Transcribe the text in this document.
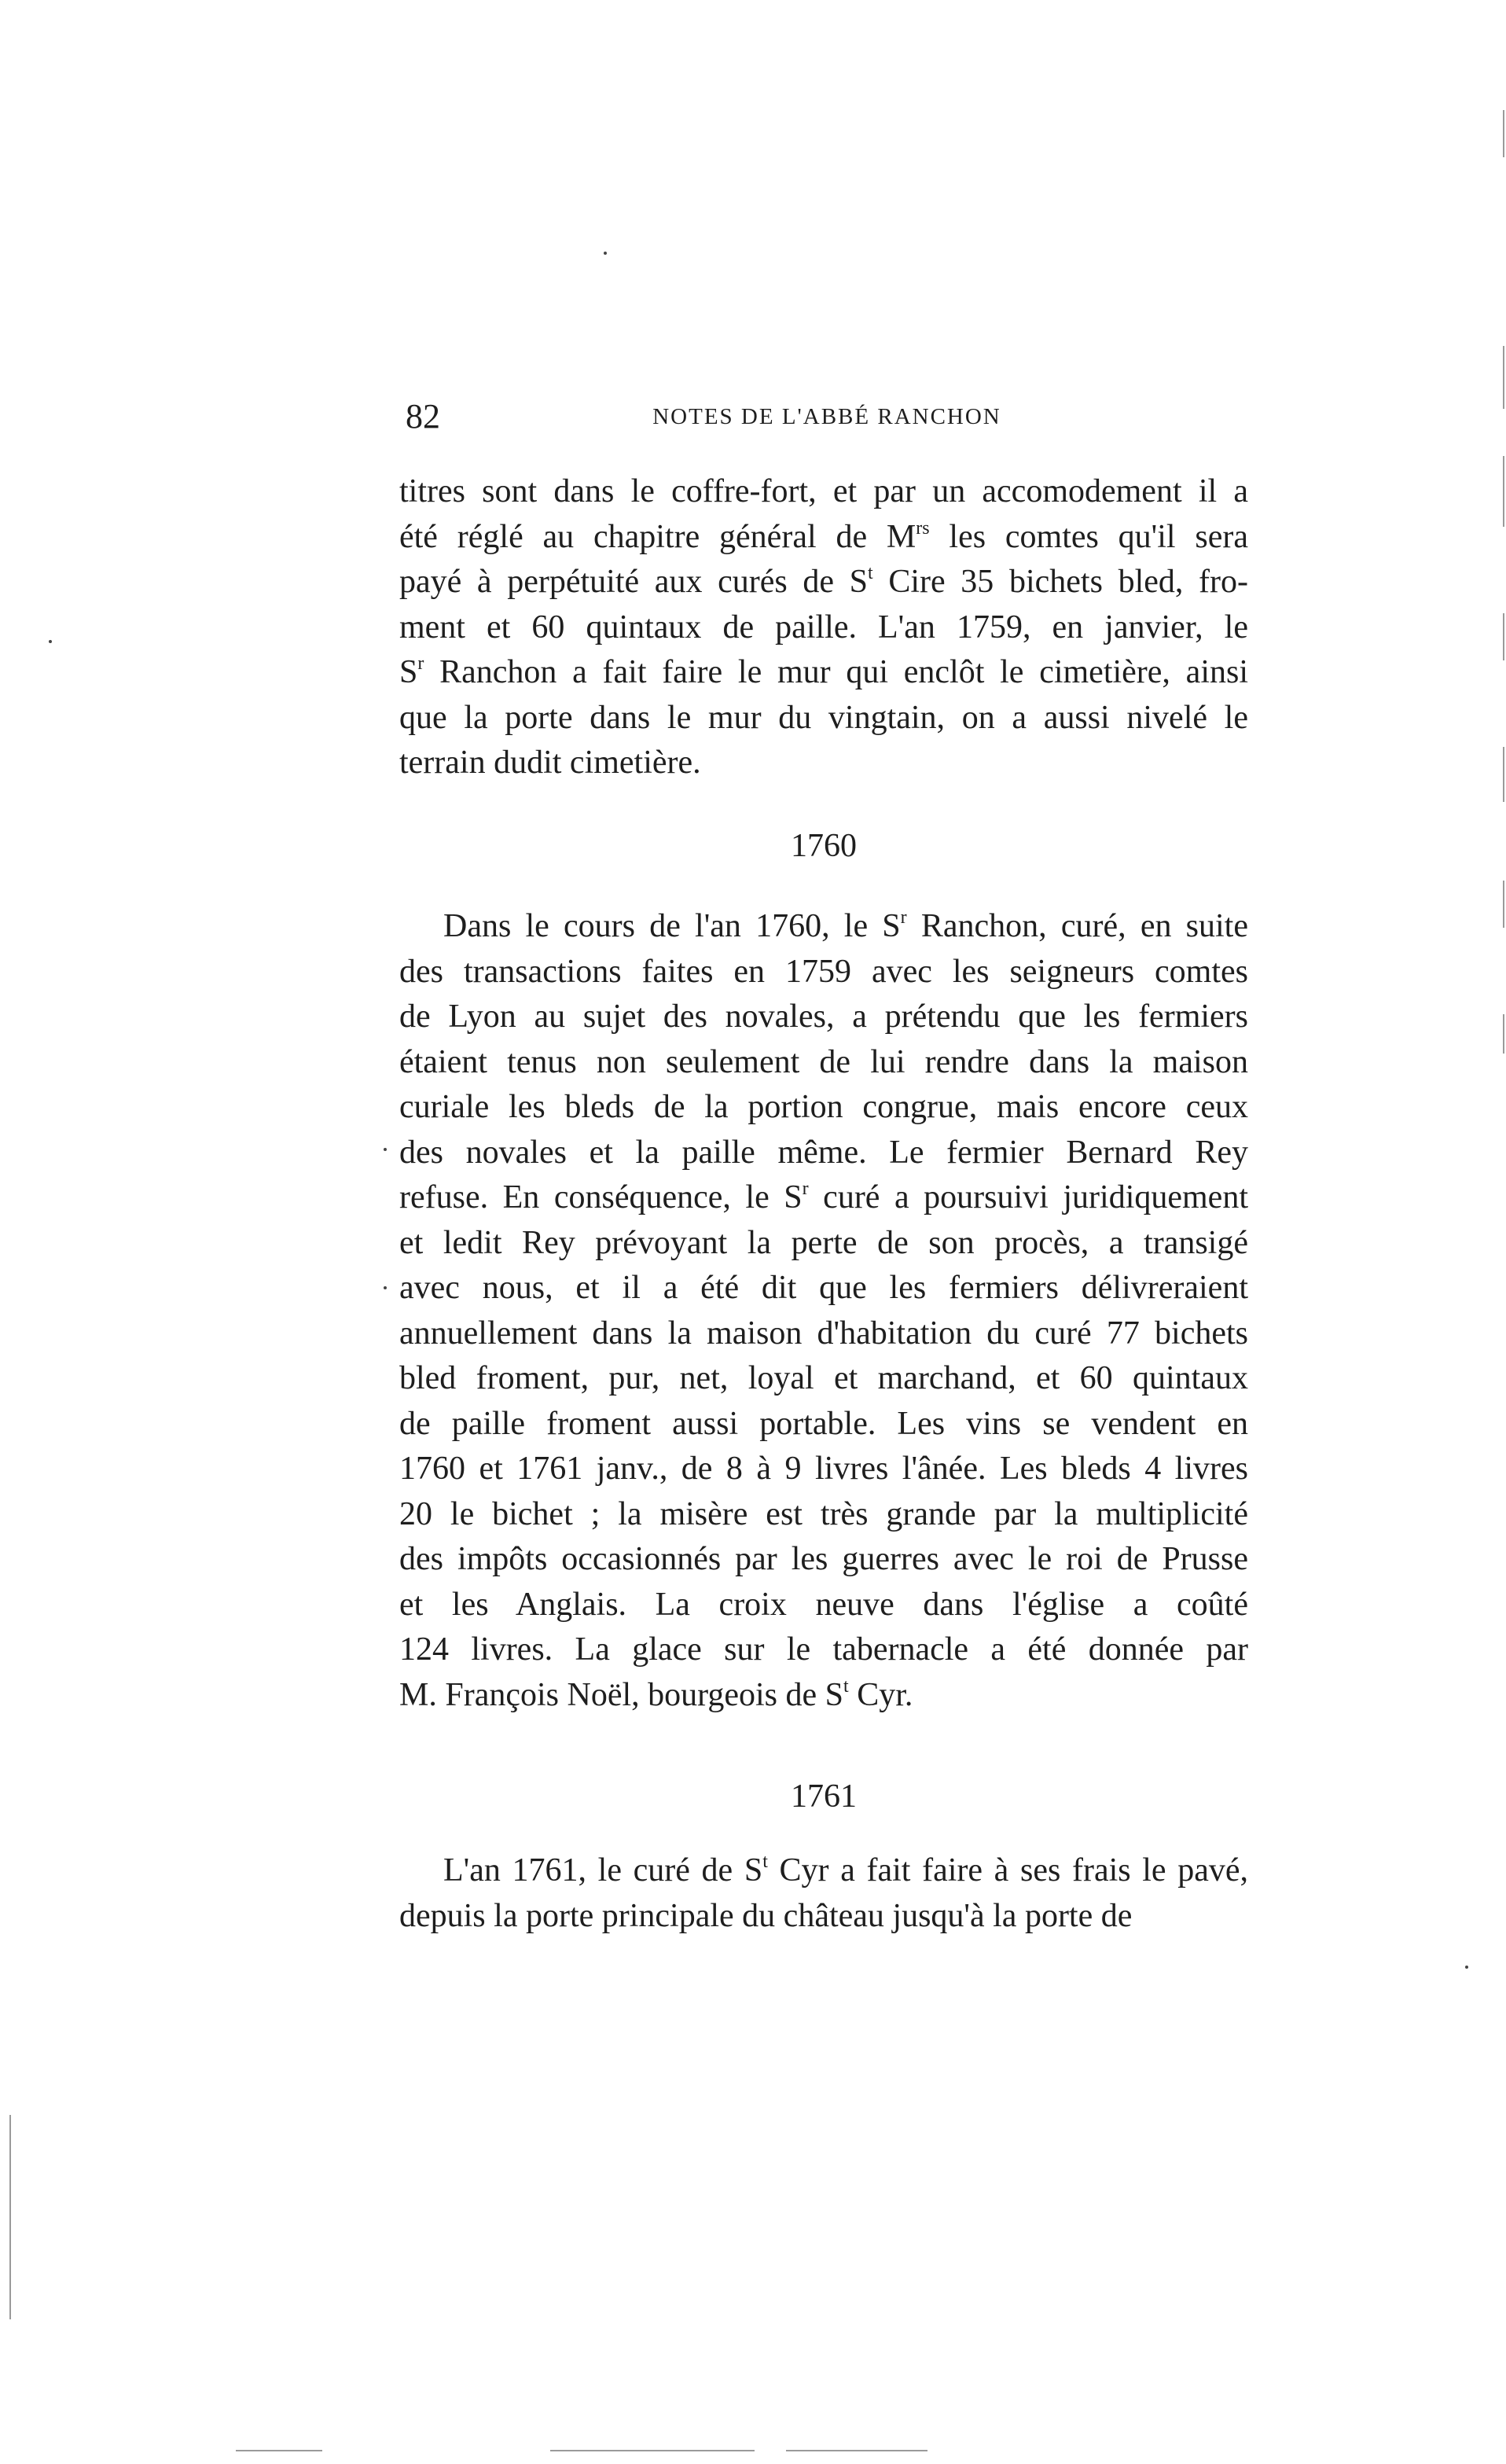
82	NOTES DE L'ABBÉ RANCHON
titres sont dans le coffre-fort, et par un accomodement il a
été réglé au chapitre général de $M^{rs}$ les comtes qu'il sera
payé à perpétuité aux curés de $S^t$ Cire 35 bichets bled, fro-
ment et 60 quintaux de paille. L'an 1759, en janvier, le
$S^r$ Ranchon a fait faire le mur qui enclôt le cimetière, ainsi
que la porte dans le mur du vingtain, on a aussi nivelé le
terrain dudit cimetière.
1760
Dans le cours de l'an 1760, le $S^r$ Ranchon, curé, en suite
des transactions faites en 1759 avec les seigneurs comtes
de Lyon au sujet des novales, a prétendu que les fermiers
étaient tenus non seulement de lui rendre dans la maison
curiale les bleds de la portion congrue, mais encore ceux
des novales et la paille même. Le fermier Bernard Rey
refuse. En conséquence, le $S^r$ curé a poursuivi juridiquement
et ledit Rey prévoyant la perte de son procès, a transigé
avec nous, et il a été dit que les fermiers délivreraient
annuellement dans la maison d'habitation du curé 77 bichets
bled froment, pur, net, loyal et marchand, et 60 quintaux
de paille froment aussi portable. Les vins se vendent en
1760 et 1761 janv., de 8 à 9 livres l'ânée. Les bleds 4 livres
20 le bichet ; la misère est très grande par la multiplicité
des impôts occasionnés par les guerres avec le roi de Prusse
et les Anglais. La croix neuve dans l'église a coûté
124 livres. La glace sur le tabernacle a été donnée par
M. François Noël, bourgeois de $S^t$ Cyr.
1761
L'an 1761, le curé de $S^t$ Cyr a fait faire à ses frais le pavé,
depuis la porte principale du château jusqu'à la porte de
